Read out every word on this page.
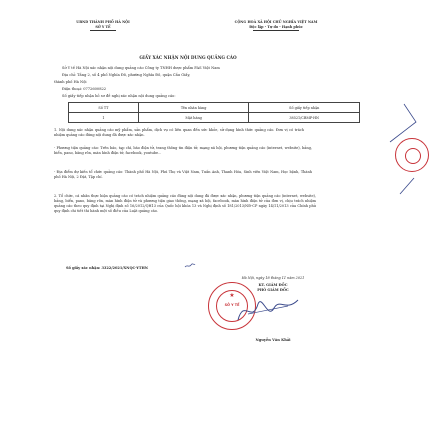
UBND THÀNH PHỐ HÀ NỘI
SỞ Y TẾ
CỘNG HOÀ XÃ HỘI CHỦ NGHĨA VIỆT NAM
Độc lập - Tự do - Hạnh phúc
GIẤY XÁC NHẬN NỘI DUNG QUẢNG CÁO
Sở Y tế Hà Nội xác nhận nội dung quảng cáo Công ty TNHH dược phẩm FAS Việt Nam
Địa chỉ: Tầng 2, số 4 phố Nghĩa Đô, phường Nghĩa Đô, quận Cầu Giấy,
thành phố Hà Nội
Điện thoại: 0772600822
Số giấy tiếp nhận hồ sơ đề nghị xác nhận nội dung quảng cáo:
Số TT	Tên nhãn hàng	Số giấy tiếp nhận
1	Mặt hàng	38521/CBMP-HN
1. Nội dung xác nhận quảng cáo mỹ phẩm, sản phẩm, dịch vụ có liên quan đến sức khỏe, sử dụng hình thức quảng cáo. Đơn vị có trách nhiệm quảng cáo đúng nội dung đã được xác nhận.
- Phương tiện quảng cáo: Trên báo, tạp chí, báo điện tử, trang thông tin điện tử, mạng xã hội, phương tiện quảng cáo (internet, website), bảng, biển, pano, băng rôn, màn hình điện tử, facebook, youtube...
- Địa điểm dự kiến tổ chức quảng cáo: Thành phố Hà Nội, Phú Thọ và Việt Nam, Tuấn Anh, Thanh Hóa, Sinh viên Việt Nam, Học bệnh, Thành phố Hà Nội, 2 Đặt, Tập chí.
2. Tổ chức, cá nhân thực hiện quảng cáo có trách nhiệm quảng cáo đúng nội dung đã được xác nhận, phương tiện quảng cáo (internet, website), bảng, biển, pano, băng rôn, màn hình điện tử và phương tiện giao thông, mạng xã hội, facebook, màn hình điện tử của đơn vị, chịu trách nhiệm quảng cáo theo quy định tại Nghị định số 16/2012/QH13 của Quốc hội khóa 13 và Nghị định số 181/2013/NĐ-CP ngày 14/11/2013 của Chính phủ quy định chi tiết thi hành một số điều của Luật quảng cáo.
Số giấy xác nhận: 3322/2021/XNQC-YTHN
Hà Nội, ngày 18 tháng 11 năm 2021
KT. GIÁM ĐỐC
PHÓ GIÁM ĐỐC
SỞ Y TẾ
★
Nguyễn Văn Khải
